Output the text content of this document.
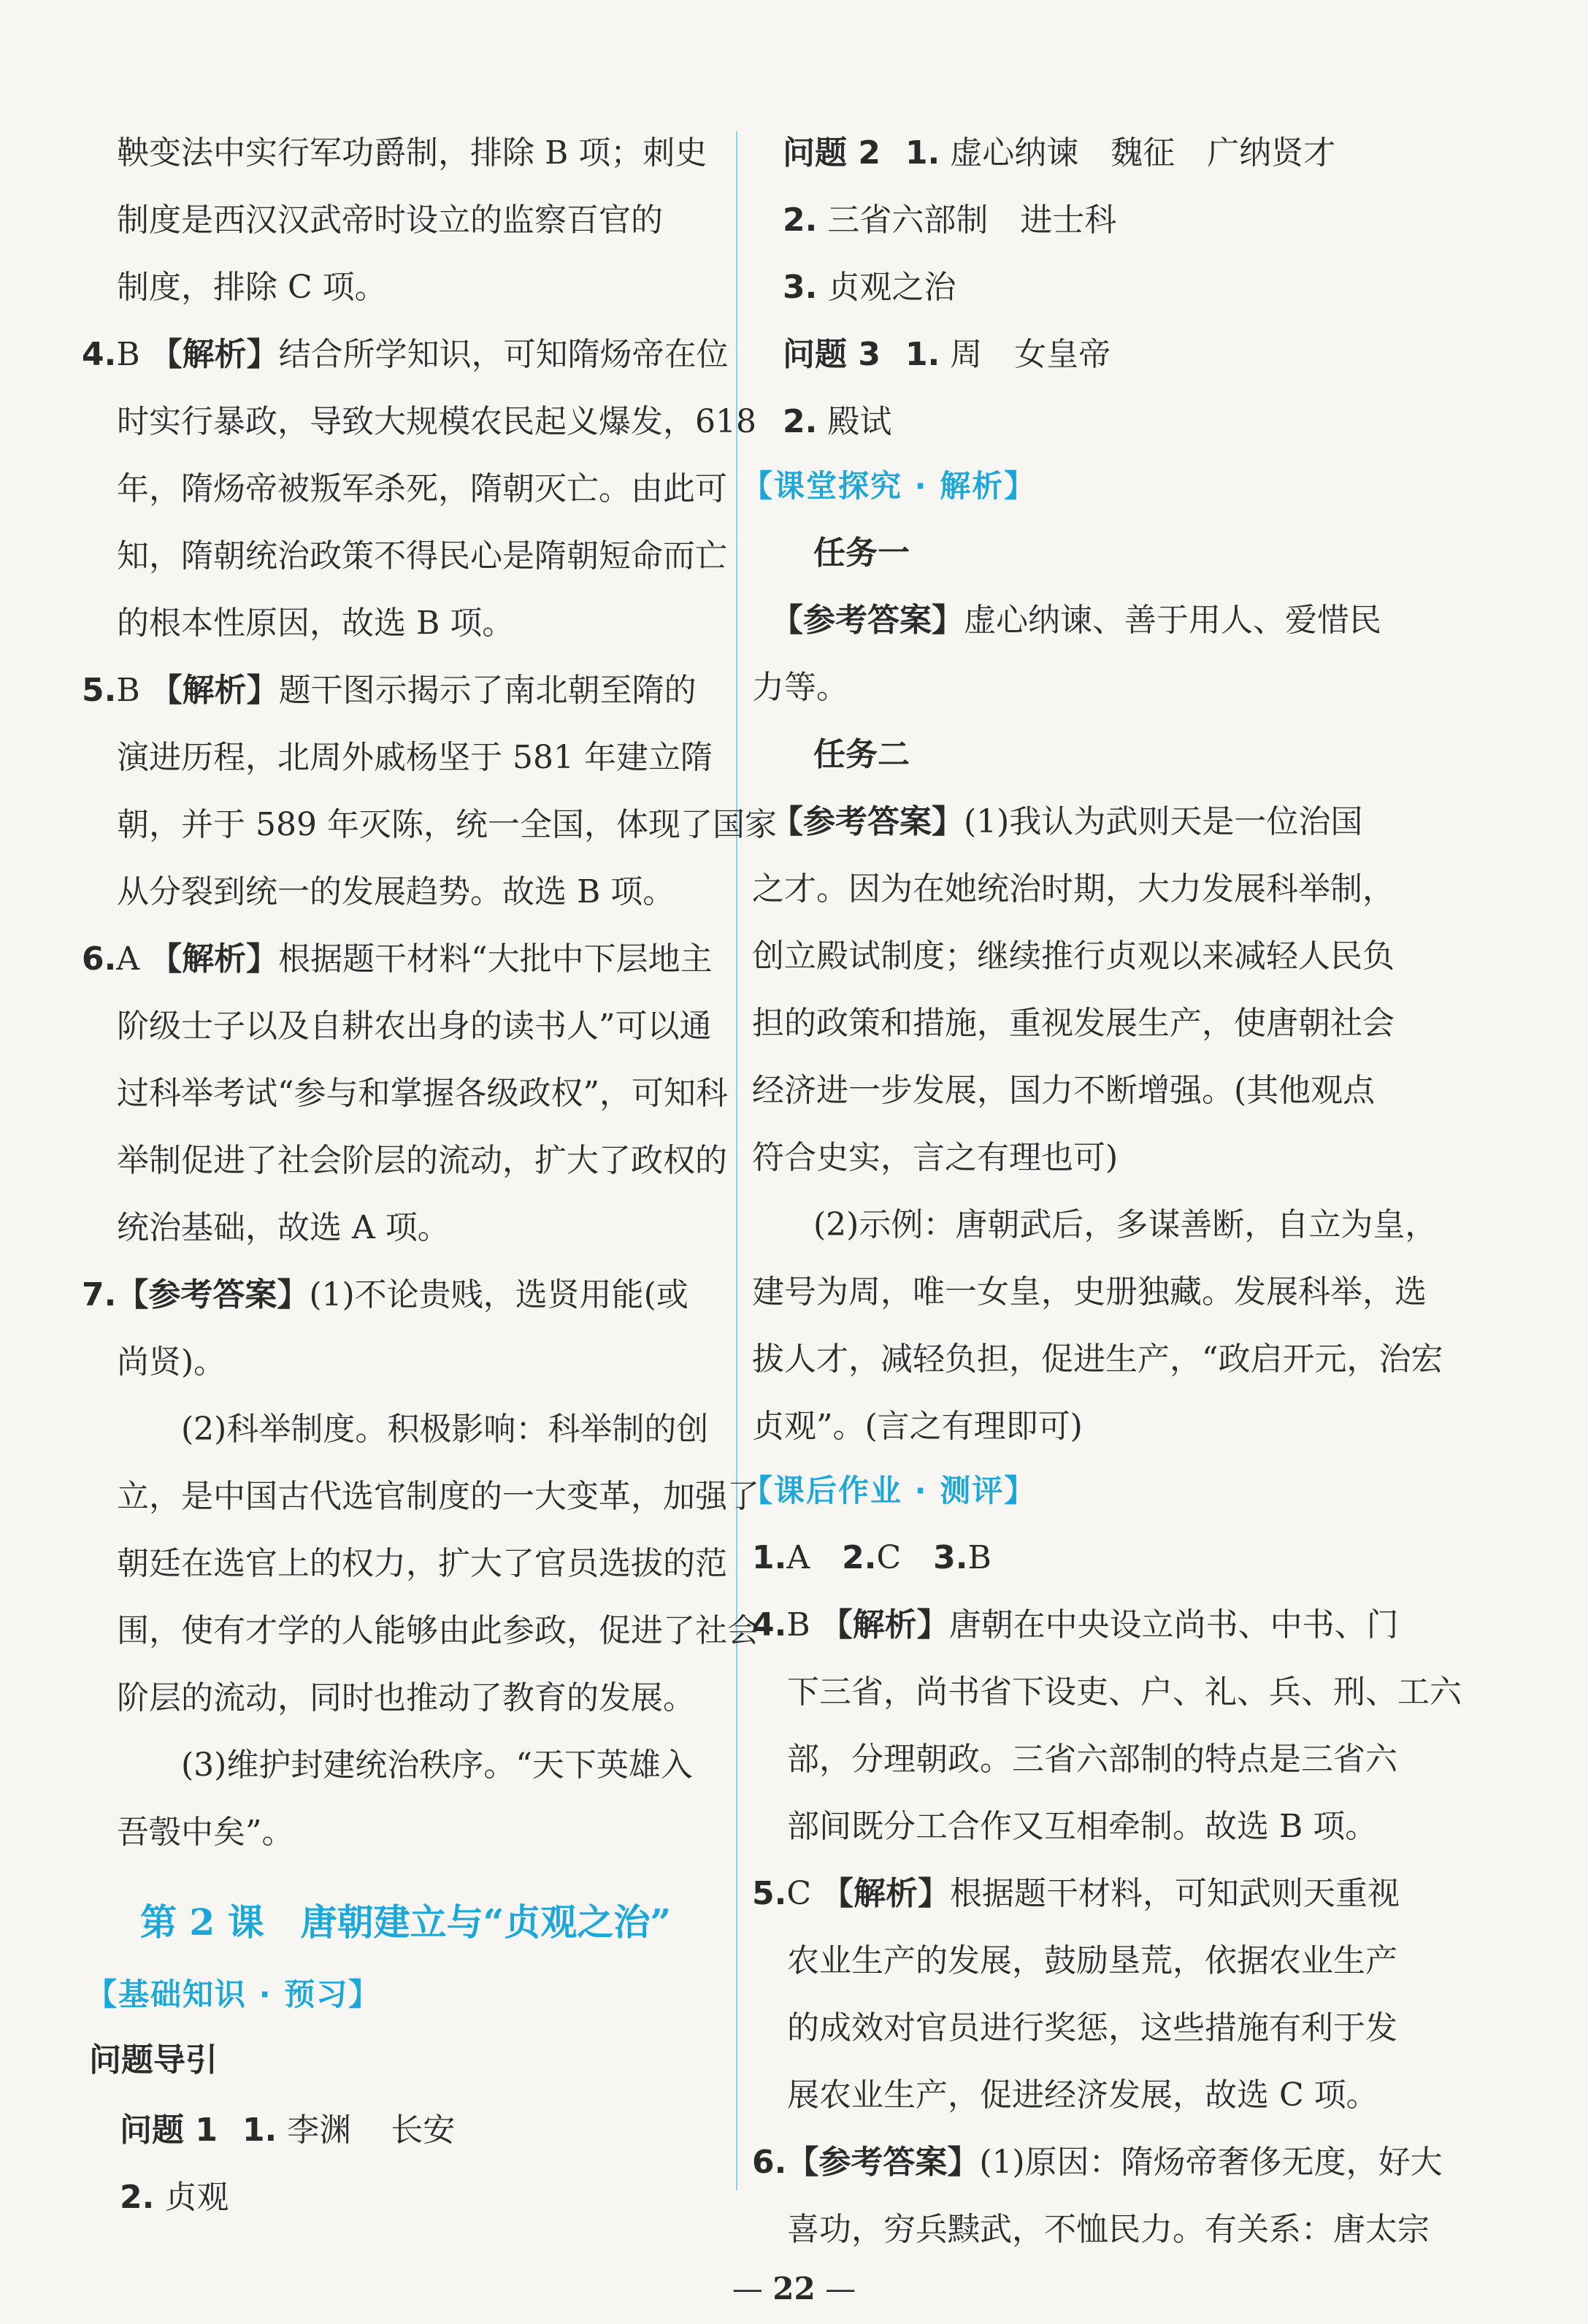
鞅变法中实行军功爵制，排除 B 项；刺史
制度是西汉汉武帝时设立的监察百官的
制度，排除 C 项。
4.B 【解析】结合所学知识，可知隋炀帝在位
时实行暴政，导致大规模农民起义爆发，618
年，隋炀帝被叛军杀死，隋朝灭亡。由此可
知，隋朝统治政策不得民心是隋朝短命而亡
的根本性原因，故选 B 项。
5.B 【解析】题干图示揭示了南北朝至隋的
演进历程，北周外戚杨坚于 581 年建立隋
朝，并于 589 年灭陈，统一全国，体现了国家
从分裂到统一的发展趋势。故选 B 项。
6.A 【解析】根据题干材料“大批中下层地主
阶级士子以及自耕农出身的读书人”可以通
过科举考试“参与和掌握各级政权”，可知科
举制促进了社会阶层的流动，扩大了政权的
统治基础，故选 A 项。
7.【参考答案】(1)不论贵贱，选贤用能(或
尚贤)。
(2)科举制度。积极影响：科举制的创
立，是中国古代选官制度的一大变革，加强了
朝廷在选官上的权力，扩大了官员选拔的范
围，使有才学的人能够由此参政，促进了社会
阶层的流动，同时也推动了教育的发展。
(3)维护封建统治秩序。“天下英雄入
吾彀中矣”。
第 2 课　唐朝建立与“贞观之治”
【基础知识 · 预习】
问题导引
问题 1 1. 李渊 长安
2. 贞观
问题 2 1. 虚心纳谏　魏征　广纳贤才
2. 三省六部制　进士科
3. 贞观之治
问题 3 1. 周　女皇帝
2. 殿试
【课堂探究 · 解析】
任务一
【参考答案】虚心纳谏、善于用人、爱惜民
力等。
任务二
【参考答案】(1)我认为武则天是一位治国
之才。因为在她统治时期，大力发展科举制，
创立殿试制度；继续推行贞观以来减轻人民负
担的政策和措施，重视发展生产，使唐朝社会
经济进一步发展，国力不断增强。(其他观点
符合史实，言之有理也可)
(2)示例：唐朝武后，多谋善断，自立为皇，
建号为周，唯一女皇，史册独藏。发展科举，选
拔人才，减轻负担，促进生产，“政启开元，治宏
贞观”。(言之有理即可)
【课后作业 · 测评】
1.A 2.C 3.B
4.B 【解析】唐朝在中央设立尚书、中书、门
下三省，尚书省下设吏、户、礼、兵、刑、工六
部，分理朝政。三省六部制的特点是三省六
部间既分工合作又互相牵制。故选 B 项。
5.C 【解析】根据题干材料，可知武则天重视
农业生产的发展，鼓励垦荒，依据农业生产
的成效对官员进行奖惩，这些措施有利于发
展农业生产，促进经济发展，故选 C 项。
6.【参考答案】(1)原因：隋炀帝奢侈无度，好大
喜功，穷兵黩武，不恤民力。有关系：唐太宗
— 22 —
